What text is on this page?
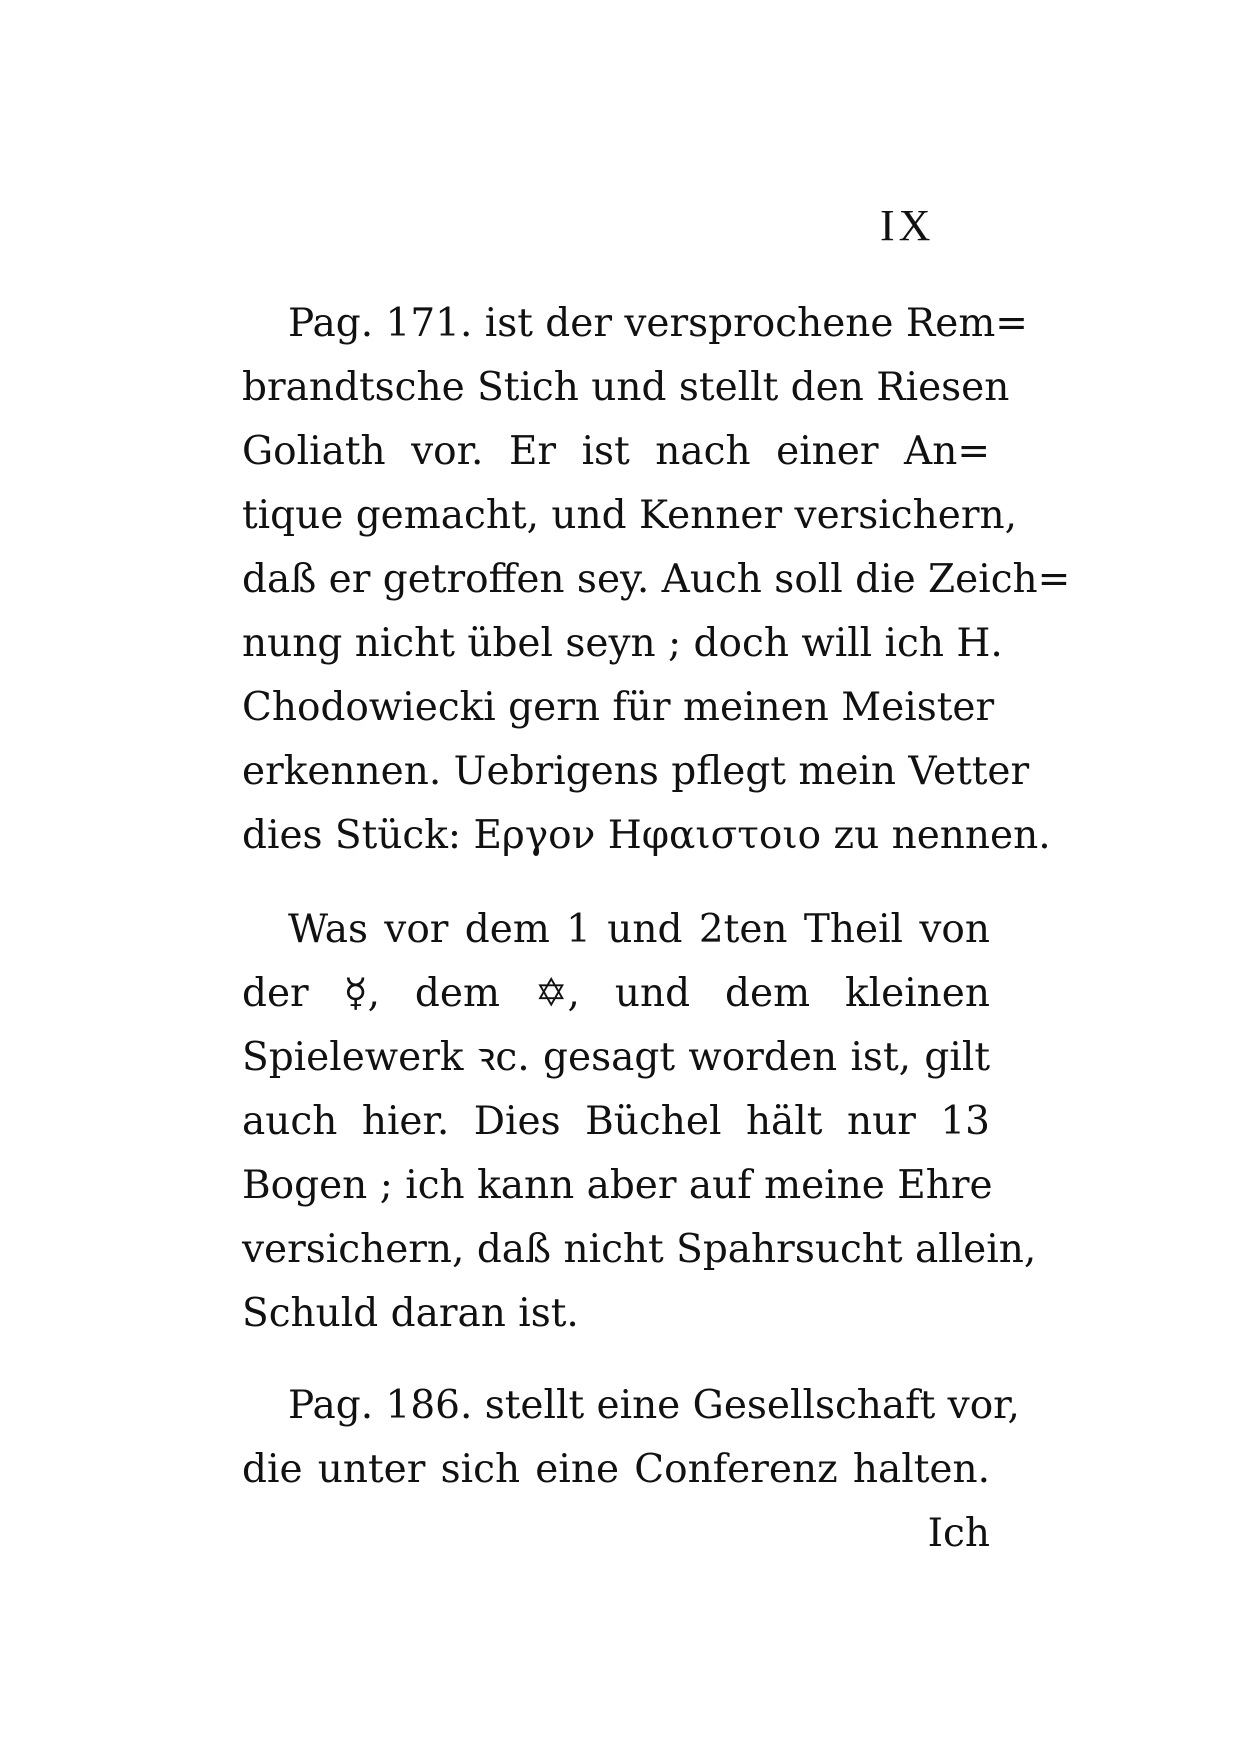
IX
Pag. 171. ist der versprochene Rem=
brandtsche Stich und stellt den Riesen
Goliath vor. Er ist nach einer An=
tique gemacht, und Kenner versichern,
daß er getroffen sey. Auch soll die Zeich=
nung nicht übel seyn ; doch will ich H.
Chodowiecki gern für meinen Meister
erkennen. Uebrigens pflegt mein Vetter
dies Stück: Εργον Ηφαιστοιο zu nennen.
Was vor dem 1 und 2ten Theil von
der ☿, dem ✡, und dem kleinen
Spielewerk ꝛc. gesagt worden ist, gilt
auch hier. Dies Büchel hält nur 13
Bogen ; ich kann aber auf meine Ehre
versichern, daß nicht Spahrsucht allein,
Schuld daran ist.
Pag. 186. stellt eine Gesellschaft vor,
die unter sich eine Conferenz halten.
Ich
